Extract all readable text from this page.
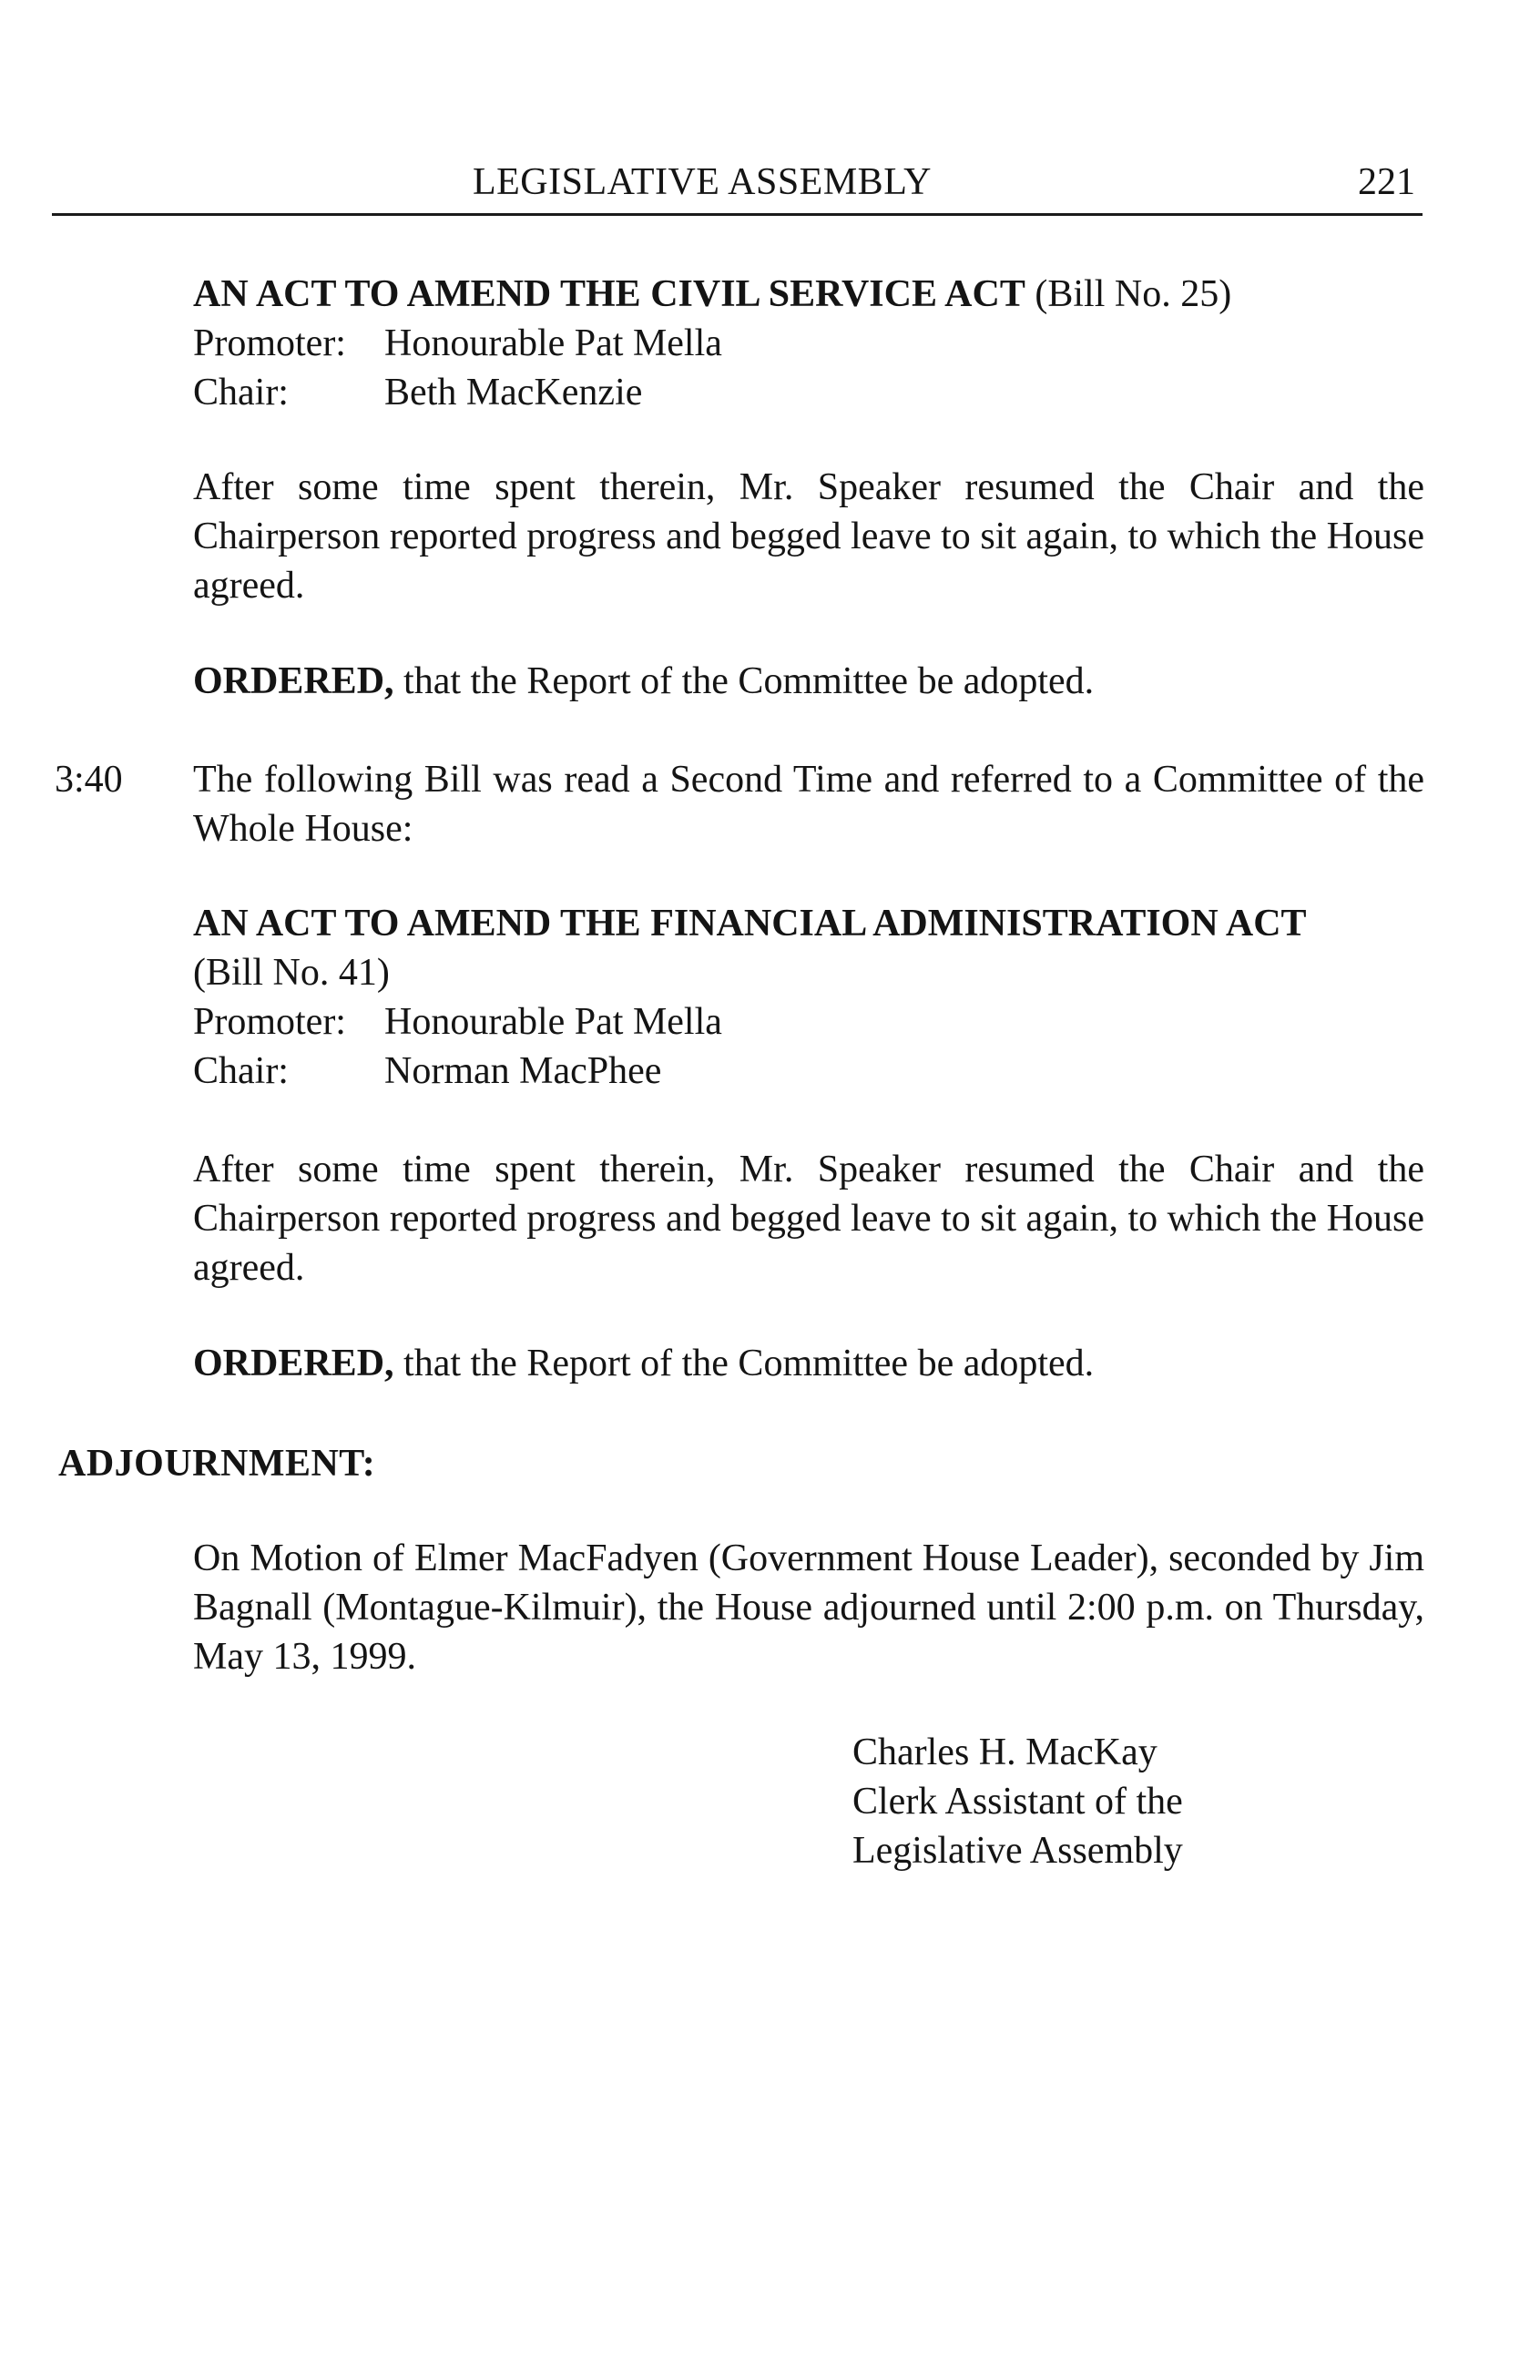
LEGISLATIVE ASSEMBLY	221
AN ACT TO AMEND THE CIVIL SERVICE ACT (Bill No. 25)
Promoter:	Honourable Pat Mella
Chair:	Beth MacKenzie
After some time spent therein, Mr. Speaker resumed the Chair and the Chairperson reported progress and begged leave to sit again, to which the House agreed.
ORDERED, that the Report of the Committee be adopted.
3:40 The following Bill was read a Second Time and referred to a Committee of the Whole House:
AN ACT TO AMEND THE FINANCIAL ADMINISTRATION ACT
(Bill No. 41)
Promoter:	Honourable Pat Mella
Chair:	Norman MacPhee
After some time spent therein, Mr. Speaker resumed the Chair and the Chairperson reported progress and begged leave to sit again, to which the House agreed.
ORDERED, that the Report of the Committee be adopted.
ADJOURNMENT:
On Motion of Elmer MacFadyen (Government House Leader), seconded by Jim Bagnall (Montague-Kilmuir), the House adjourned until 2:00 p.m. on Thursday, May 13, 1999.
Charles H. MacKay
Clerk Assistant of the
Legislative Assembly
